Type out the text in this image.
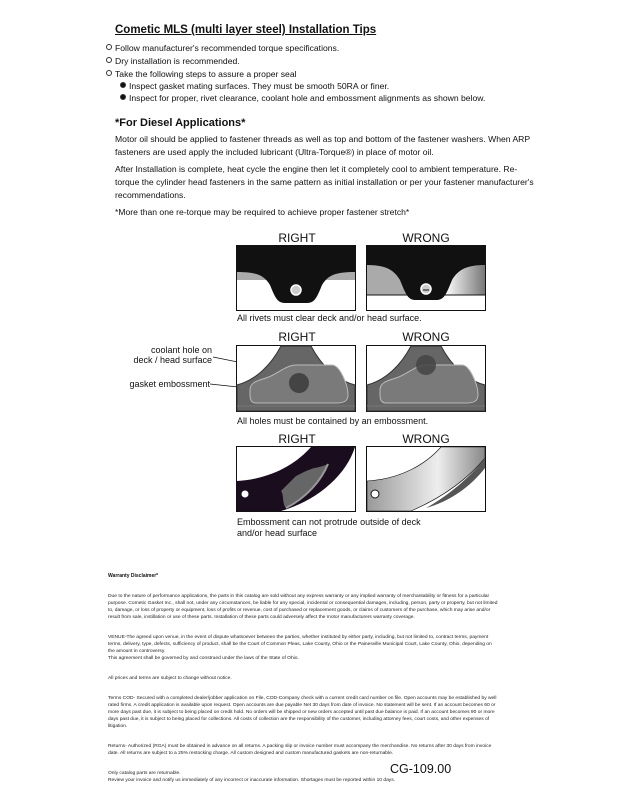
Cometic MLS (multi layer steel) Installation Tips
Follow manufacturer's recommended torque specifications.
Dry installation is recommended.
Take the following steps to assure a proper seal
Inspect gasket mating surfaces. They must be smooth 50RA or finer.
Inspect for proper, rivet clearance, coolant hole and embossment alignments as shown below.
*For Diesel Applications*
Motor oil should be applied to fastener threads as well as top and bottom of the fastener washers. When ARP fasteners are used apply the included lubricant (Ultra-Torque®) in place of motor oil.
After Installation is complete, heat cycle the engine then let it completely cool to ambient temperature. Re-torque the cylinder head fasteners in the same pattern as initial installation or per your fastener manufacturer's recommendations.
*More than one re-torque may be required to achieve proper fastener stretch*
RIGHT	WRONG
All rivets must clear deck and/or head surface.
RIGHT	WRONG
coolant hole on
deck / head surface
gasket embossment
All holes must be contained by an embossment.
RIGHT	WRONG
Embossment can not protrude outside of deck
and/or head surface
Warranty Disclaimer*

Due to the nature of performance applications, the parts in this catalog are sold without any express warranty or any implied warranty of merchantability or fitness for a particular purpose. Cometic Gasket Inc., shall not, under any circumstances, be liable for any special, incidental or consequential damages, including, person, party or property, but not limited to, damage, or loss of property or equipment, loss of profits or revenue, cost of purchased or replacement goods, or claims of customers of the purchase, which may arise and/or result from sale, instillation or use of these parts. Installation of these parts could adversely affect the motor manufacturers warranty coverage.

VENUE-The agreed upon venue, in the event of dispute whatsoever between the parties, whether instituted by either party, including, but not limited to, contract terms, payment terms, delivery, type, defects, sufficiency of product, shall be the Court of Common Pleas, Lake County, Ohio or the Painesville Municipal Court, Lake County, Ohio, depending on the amount in controversy.
This agreement shall be governed by and construed under the laws of the State of Ohio.

All prices and terms are subject to change without notice.

Terms COD- Secured with a completed dealer/jobber application on File, COD-Company check with a current credit card number on file. Open accounts may be established by well rated firms. A credit application is available upon request. Open accounts are due payable Net 30 days from date of invoice. No statement will be sent. If an account becomes 60 or more days past due, it is subject to being placed on credit hold. No orders will be shipped or new orders accepted until past due balance is paid. If an account becomes 90 or more days past due, it is subject to being placed for collections. All costs of collection are the responsibility of the customer, including attorney fees, court costs, and other expenses of litigation.

Returns- Authorized (RGA) must be obtained in advance on all returns. A packing slip or invoice number must accompany the merchandise. No returns after 30 days from invoice date. All returns are subject to a 25% restocking charge. All custom designed and custom manufactured gaskets are non-returnable.

Only catalog parts are returnable.
Review your invoice and notify us immediately of any incorrect or inaccurate information. Shortages must be reported within 10 days.

CG-109.00
